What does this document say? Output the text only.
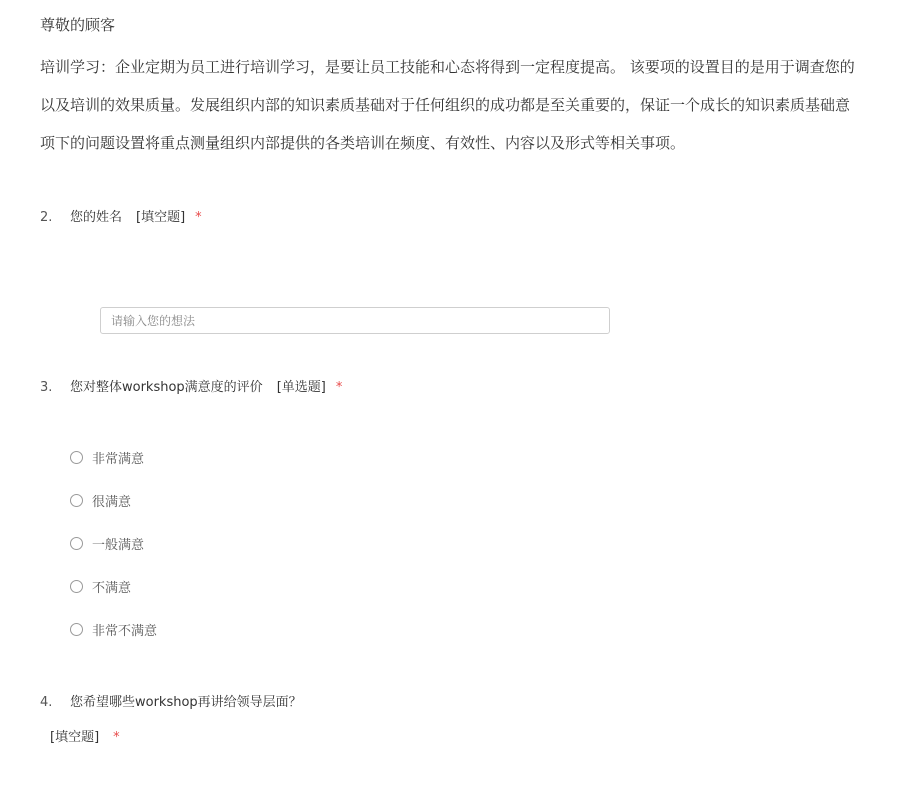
尊敬的顾客
培训学习：企业定期为员工进行培训学习，是要让员工技能和心态将得到一定程度提高。 该要项的设置目的是用于调查您的
以及培训的效果质量。发展组织内部的知识素质基础对于任何组织的成功都是至关重要的，保证一个成长的知识素质基础意
项下的问题设置将重点测量组织内部提供的各类培训在频度、有效性、内容以及形式等相关事项。
2. 您的姓名 [填空题] *
请输入您的想法
3. 您对整体workshop满意度的评价 [单选题] *
非常满意
很满意
一般满意
不满意
非常不满意
4. 您希望哪些workshop再讲给领导层面？
[填空题] *
